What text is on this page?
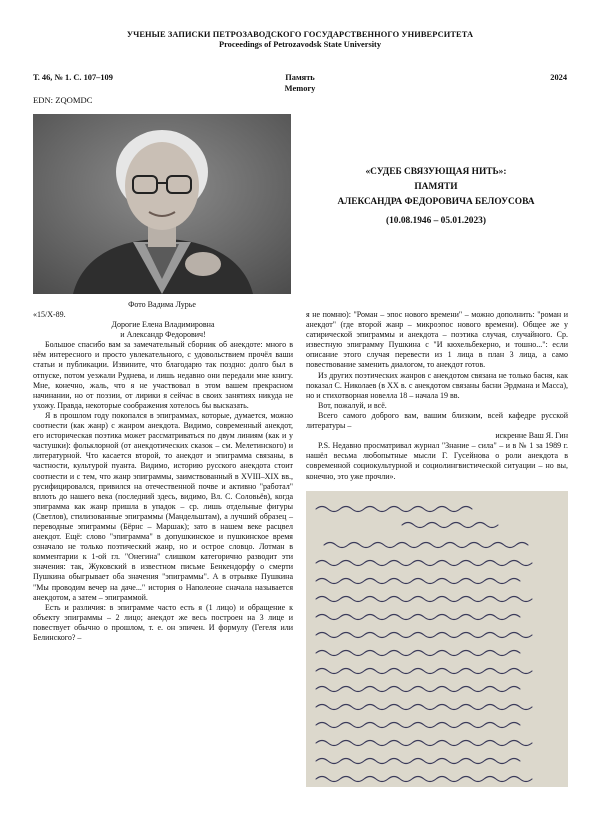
УЧЕНЫЕ ЗАПИСКИ ПЕТРОЗАВОДСКОГО ГОСУДАРСТВЕННОГО УНИВЕРСИТЕТА
Proceedings of Petrozavodsk State University
Т. 46, № 1. С. 107–109	Память
Memory
2024
EDN: ZQOMDC
Фото Вадима Лурье
«СУДЕБ СВЯЗУЮЩАЯ НИТЬ»:
ПАМЯТИ
АЛЕКСАНДРА ФЕДОРОВИЧА БЕЛОУСОВА
(10.08.1946 – 05.01.2023)

«15/Х-89.

Дорогие Елена Владимировна

и Александр Федорович!

Большое спасибо вам за замечательный сборник об анекдоте: много в нём интересного и просто увлекательного, с удовольствием прочёл ваши статьи и публикации. Извините, что благодарю так поздно: долго был в отпуске, потом уезжали Руднева, и лишь недавно они передали мне книгу. Мне, конечно, жаль, что я не участвовал в этом вашем прекрасном начинании, но от поэзии, от лирики я сейчас в своих занятиях никуда не ухожу. Правда, некоторые соображения хотелось бы высказать.

Я в прошлом году покопался в эпиграммах, которые, думается, можно соотнести (как жанр) с жанром анекдота. Видимо, современный анекдот, его историческая поэтика может рассматриваться по двум линиям (как и у частушки): фольклорной (от анекдотических сказок – см. Мелетинского) и литературной. Что касается второй, то анекдот и эпиграмма связаны, в частности, культурой пуанта. Видимо, историю русского анекдота стоит соотнести и с тем, что жанр эпиграммы, заимствованный в XVIII–XIX вв., русифицировался, привился на отечественной почве и активно "работал" вплоть до нашего века (последний здесь, видимо, Вл. С. Соловьёв), когда эпиграмма как жанр пришла в упадок – ср. лишь отдельные фигуры (Светлов), стилизованные эпиграммы (Мандельштам), а лучший образец – переводные эпиграммы (Бёрнс – Маршак); зато в нашем веке расцвел анекдот. Ещё: слово "эпиграмма" в допушкинское и пушкинское время означало не только поэтический жанр, но и острое словцо. Лотман в комментарии к 1-ой гл. "Онегина" слишком категорично разводит эти значения: так, Жуковский в известном письме Бенкендорфу о смерти Пушкина обыгрывает оба значения "эпиграммы". А в отрывке Пушкина "Мы проводим вечер на даче..." история о Наполеоне сначала называется анекдотом, а затем – эпиграммой.

Есть и различия: в эпиграмме часто есть я (1 лицо) и обращение к объекту эпиграммы – 2 лицо; анекдот же весь построен на 3 лице и повествует обычно о прошлом, т. е. он эпичен. И формулу (Гегеля или Белинского? –

я не помню): "Роман – эпос нового времени" – можно дополнить: "роман и анекдот" (где второй жанр – микроэпос нового времени). Общее же у сатирической эпиграммы и анекдота – поэтика случая, случайного. Ср. известную эпиграмму Пушкина с "И кюхельбекерно, и тошно...": если описание этого случая перевести из 1 лица в план 3 лица, а само повествование заменить диалогом, то анекдот готов.

Из других поэтических жанров с анекдотом связана не только басня, как показал С. Николаев (в XX в. с анекдотом связаны басни Эрдмана и Масса), но и стихотворная новелла 18 – начала 19 вв.

Вот, пожалуй, и всё.

Всего самого доброго вам, вашим близким, всей кафедре русской литературы –

искренне Ваш Я. Гин

P.S. Недавно просматривал журнал "Знание – сила" – и в № 1 за 1989 г. нашёл весьма любопытные мысли Г. Гусейнова о роли анекдота в современной социокультурной и социолингвистической ситуации – но вы, конечно, это уже прочли».
